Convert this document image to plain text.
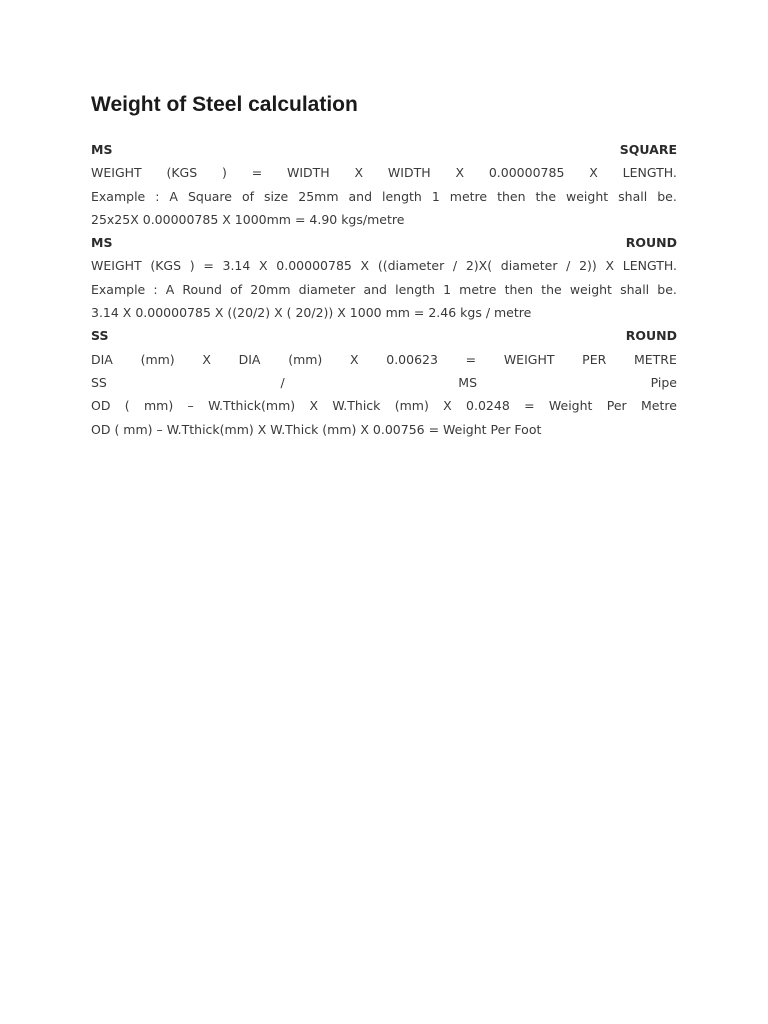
Weight of Steel calculation
MS	SQUARE
WEIGHT (KGS ) = WIDTH X WIDTH X 0.00000785 X LENGTH.
Example : A Square of size 25mm and length 1 metre then the weight shall be.
25x25X 0.00000785 X 1000mm = 4.90 kgs/metre
MS	ROUND
WEIGHT (KGS ) = 3.14 X 0.00000785 X ((diameter / 2)X( diameter / 2)) X LENGTH.
Example : A Round of 20mm diameter and length 1 metre then the weight shall be.
3.14 X 0.00000785 X ((20/2) X ( 20/2)) X 1000 mm = 2.46 kgs / metre
SS	ROUND
DIA (mm) X DIA (mm) X 0.00623 = WEIGHT PER METRE
SS	/	MS	Pipe
OD ( mm) – W.Tthick(mm) X W.Thick (mm) X 0.0248 = Weight Per Metre
OD ( mm) – W.Tthick(mm) X W.Thick (mm) X 0.00756 = Weight Per Foot
